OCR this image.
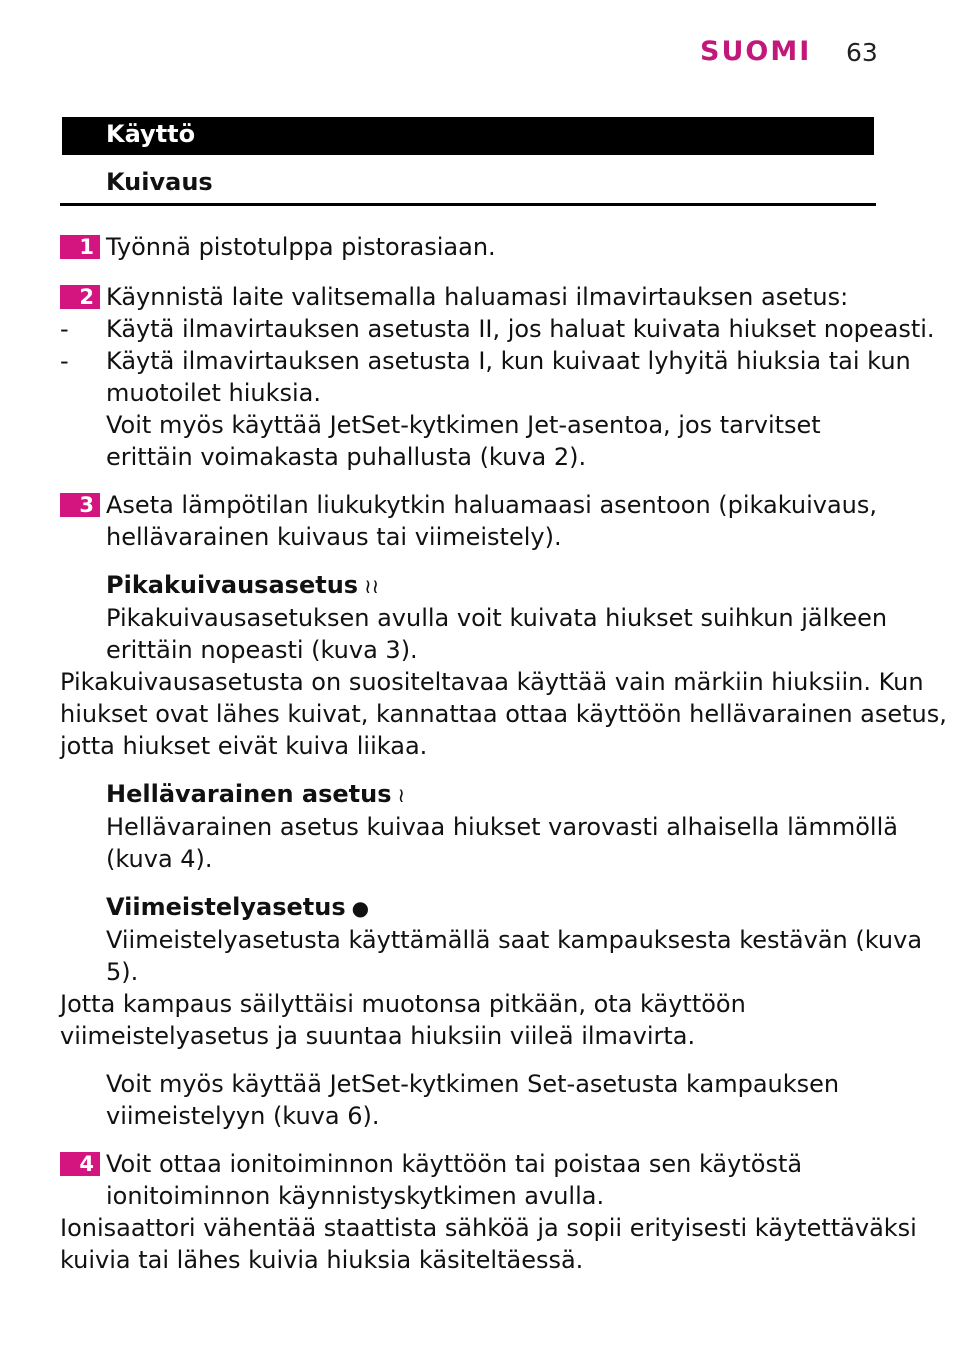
SUOMI 63
Käyttö
Kuivaus
1 Työnnä pistotulppa pistorasiaan.
2 Käynnistä laite valitsemalla haluamasi ilmavirtauksen asetus:
- Käytä ilmavirtauksen asetusta II, jos haluat kuivata hiukset nopeasti.
- Käytä ilmavirtauksen asetusta I, kun kuivaat lyhyitä hiuksia tai kun
muotoilet hiuksia.
Voit myös käyttää JetSet-kytkimen Jet-asentoa, jos tarvitset
erittäin voimakasta puhallusta (kuva 2).
3 Aseta lämpötilan liukukytkin haluamaasi asentoon (pikakuivaus,
hellävarainen kuivaus tai viimeistely).
Pikakuivausasetus ≀≀
Pikakuivausasetuksen avulla voit kuivata hiukset suihkun jälkeen
erittäin nopeasti (kuva 3).
Pikakuivausasetusta on suositeltavaa käyttää vain märkiin hiuksiin. Kun
hiukset ovat lähes kuivat, kannattaa ottaa käyttöön hellävarainen asetus,
jotta hiukset eivät kuiva liikaa.
Hellävarainen asetus ≀
Hellävarainen asetus kuivaa hiukset varovasti alhaisella lämmöllä
(kuva 4).
Viimeistelyasetus ●
Viimeistelyasetusta käyttämällä saat kampauksesta kestävän (kuva
5).
Jotta kampaus säilyttäisi muotonsa pitkään, ota käyttöön
viimeistelyasetus ja suuntaa hiuksiin viileä ilmavirta.
Voit myös käyttää JetSet-kytkimen Set-asetusta kampauksen
viimeistelyyn (kuva 6).
4 Voit ottaa ionitoiminnon käyttöön tai poistaa sen käytöstä
ionitoiminnon käynnistyskytkimen avulla.
Ionisaattori vähentää staattista sähköä ja sopii erityisesti käytettäväksi
kuivia tai lähes kuivia hiuksia käsiteltäessä.
